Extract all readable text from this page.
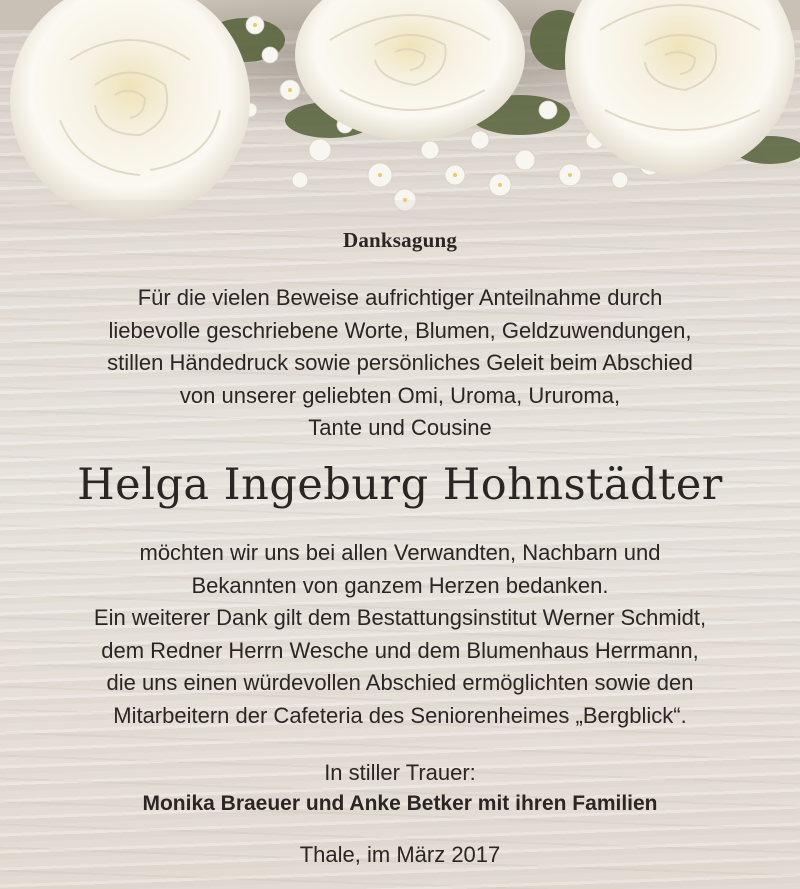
Danksagung
Für die vielen Beweise aufrichtiger Anteilnahme durch
liebevolle geschriebene Worte, Blumen, Geldzuwendungen,
stillen Händedruck sowie persönliches Geleit beim Abschied
von unserer geliebten Omi, Uroma, Ururoma,
Tante und Cousine
Helga Ingeburg Hohnstädter
möchten wir uns bei allen Verwandten, Nachbarn und
Bekannten von ganzem Herzen bedanken.
Ein weiterer Dank gilt dem Bestattungsinstitut Werner Schmidt,
dem Redner Herrn Wesche und dem Blumenhaus Herrmann,
die uns einen würdevollen Abschied ermöglichten sowie den
Mitarbeitern der Cafeteria des Seniorenheimes „Bergblick“.
In stiller Trauer:
Monika Braeuer und Anke Betker mit ihren Familien
Thale, im März 2017
